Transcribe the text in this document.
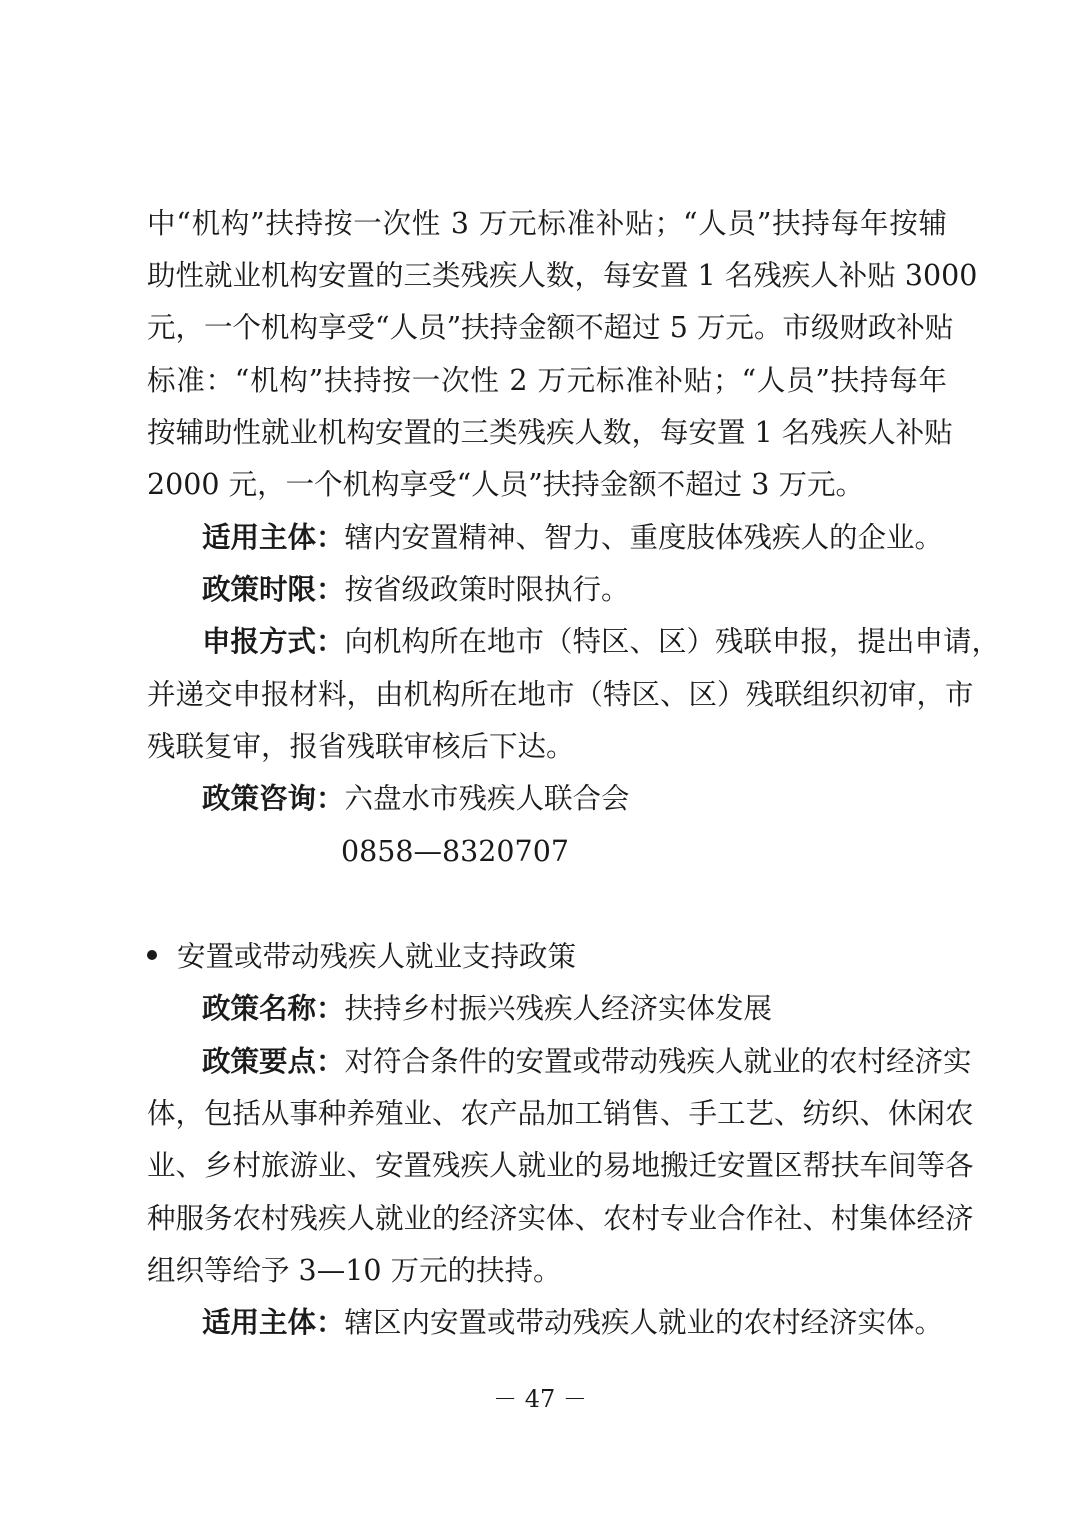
中“机构”扶持按一次性 3 万元标准补贴；“人员”扶持每年按辅
助性就业机构安置的三类残疾人数，每安置 1 名残疾人补贴 3000
元，一个机构享受“人员”扶持金额不超过 5 万元。市级财政补贴
标准：“机构”扶持按一次性 2 万元标准补贴；“人员”扶持每年
按辅助性就业机构安置的三类残疾人数，每安置 1 名残疾人补贴
2000 元，一个机构享受“人员”扶持金额不超过 3 万元。
适用主体：辖内安置精神、智力、重度肢体残疾人的企业。
政策时限：按省级政策时限执行。
申报方式：向机构所在地市（特区、区）残联申报，提出申请，
并递交申报材料，由机构所在地市（特区、区）残联组织初审，市
残联复审，报省残联审核后下达。
政策咨询：六盘水市残疾人联合会
0858—8320707
安置或带动残疾人就业支持政策
政策名称：扶持乡村振兴残疾人经济实体发展
政策要点：对符合条件的安置或带动残疾人就业的农村经济实
体，包括从事种养殖业、农产品加工销售、手工艺、纺织、休闲农
业、乡村旅游业、安置残疾人就业的易地搬迁安置区帮扶车间等各
种服务农村残疾人就业的经济实体、农村专业合作社、村集体经济
组织等给予 3—10 万元的扶持。
适用主体：辖区内安置或带动残疾人就业的农村经济实体。
－ 47 －
